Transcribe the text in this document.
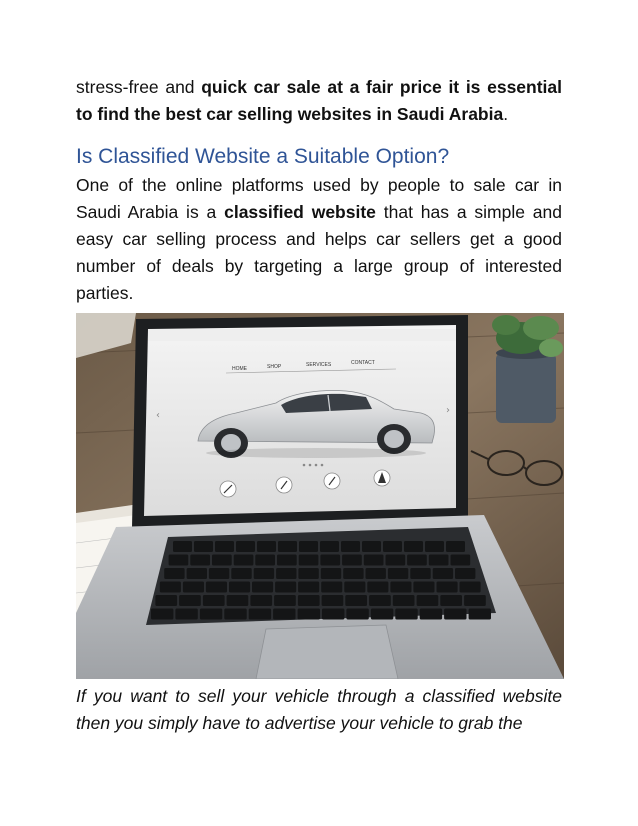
stress-free and quick car sale at a fair price it is essential to find the best car selling websites in Saudi Arabia.

Is Classified Website a Suitable Option?

One of the online platforms used by people to sale car in Saudi Arabia is a classified website that has a simple and easy car selling process and helps car sellers get a good number of deals by targeting a large group of interested parties.

HOME	SHOP	SERVICES	CONTACT
‹	›

If you want to sell your vehicle through a classified website then you simply have to advertise your vehicle to grab the
